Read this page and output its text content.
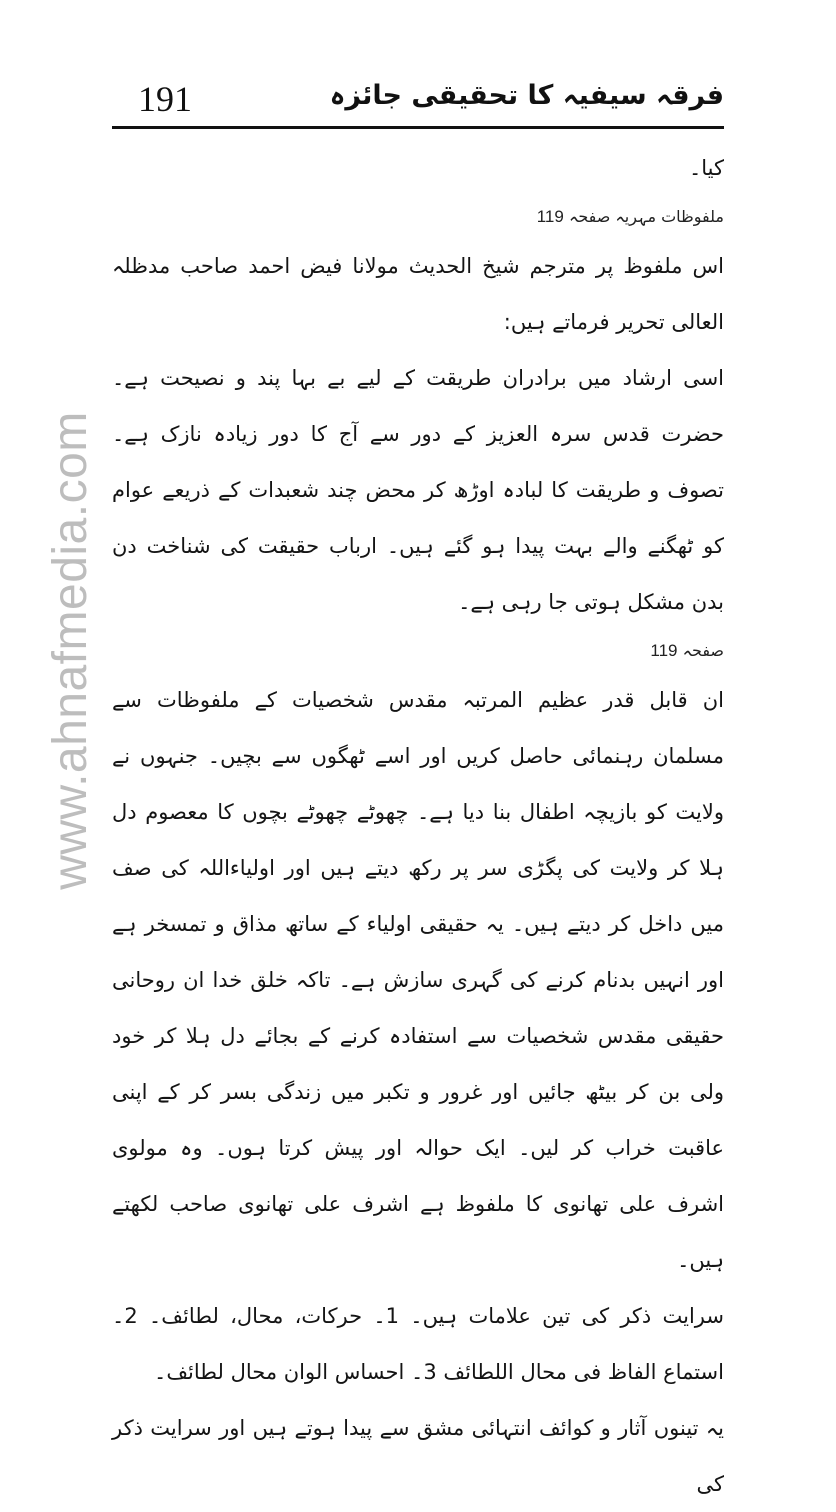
www.ahnafmedia.com
191	فرقہ سیفیہ کا تحقیقی جائزہ

کیا۔

ملفوظات مہریہ صفحہ 119

اس ملفوظ پر مترجم شیخ الحدیث مولانا فیض احمد صاحب مدظلہ العالی تحریر فرماتے ہیں:

اسی ارشاد میں برادران طریقت کے لیے بے بہا پند و نصیحت ہے۔ حضرت قدس سرہ العزیز کے دور سے آج کا دور زیادہ نازک ہے۔ تصوف و طریقت کا لبادہ اوڑھ کر محض چند شعبدات کے ذریعے عوام کو ٹھگنے والے بہت پیدا ہو گئے ہیں۔ ارباب حقیقت کی شناخت دن بدن مشکل ہوتی جا رہی ہے۔

صفحہ 119

ان قابل قدر عظیم المرتبہ مقدس شخصیات کے ملفوظات سے مسلمان رہنمائی حاصل کریں اور اسے ٹھگوں سے بچیں۔ جنہوں نے ولایت کو بازیچہ اطفال بنا دیا ہے۔ چھوٹے چھوٹے بچوں کا معصوم دل ہلا کر ولایت کی پگڑی سر پر رکھ دیتے ہیں اور اولیاءاللہ کی صف میں داخل کر دیتے ہیں۔ یہ حقیقی اولیاء کے ساتھ مذاق و تمسخر ہے اور انہیں بدنام کرنے کی گہری سازش ہے۔ تاکہ خلق خدا ان روحانی حقیقی مقدس شخصیات سے استفادہ کرنے کے بجائے دل ہلا کر خود ولی بن کر بیٹھ جائیں اور غرور و تکبر میں زندگی بسر کر کے اپنی عاقبت خراب کر لیں۔ ایک حوالہ اور پیش کرتا ہوں۔ وہ مولوی اشرف علی تھانوی کا ملفوظ ہے اشرف علی تھانوی صاحب لکھتے ہیں۔

سرایت ذکر کی تین علامات ہیں۔ 1۔ حرکات، محال، لطائف۔ 2۔ استماع الفاظ فی محال اللطائف 3۔ احساس الوان محال لطائف۔

یہ تینوں آثار و کوائف انتہائی مشق سے پیدا ہوتے ہیں اور سرایت ذکر کی
